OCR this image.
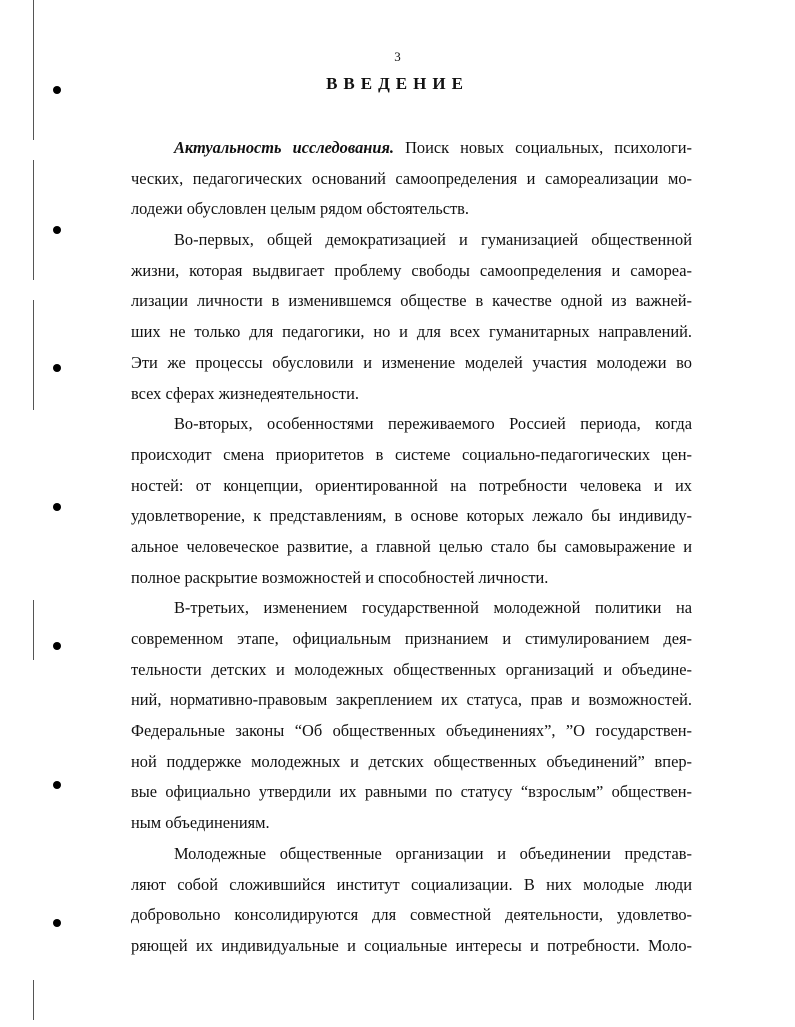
3
ВВЕДЕНИЕ
Актуальность исследования. Поиск новых социальных, психологи-
ческих, педагогических оснований самоопределения и самореализации мо-
лодежи обусловлен целым рядом обстоятельств.
Во-первых, общей демократизацией и гуманизацией общественной
жизни, которая выдвигает проблему свободы самоопределения и самореа-
лизации личности в изменившемся обществе в качестве одной из важней-
ших не только для педагогики, но и для всех гуманитарных направлений.
Эти же процессы обусловили и изменение моделей участия молодежи во
всех сферах жизнедеятельности.
Во-вторых, особенностями переживаемого Россией периода, когда
происходит смена приоритетов в системе социально-педагогических цен-
ностей: от концепции, ориентированной на потребности человека и их
удовлетворение, к представлениям, в основе которых лежало бы индивиду-
альное человеческое развитие, а главной целью стало бы самовыражение и
полное раскрытие возможностей и способностей личности.
В-третьих, изменением государственной молодежной политики на
современном этапе, официальным признанием и стимулированием дея-
тельности детских и молодежных общественных организаций и объедине-
ний, нормативно-правовым закреплением их статуса, прав и возможностей.
Федеральные законы “Об общественных объединениях”, ”О государствен-
ной поддержке молодежных и детских общественных объединений” впер-
вые официально утвердили их равными по статусу “взрослым” обществен-
ным объединениям.
Молодежные общественные организации и объединении представ-
ляют собой сложившийся институт социализации. В них молодые люди
добровольно консолидируются для совместной деятельности, удовлетво-
ряющей их индивидуальные и социальные интересы и потребности. Моло-
